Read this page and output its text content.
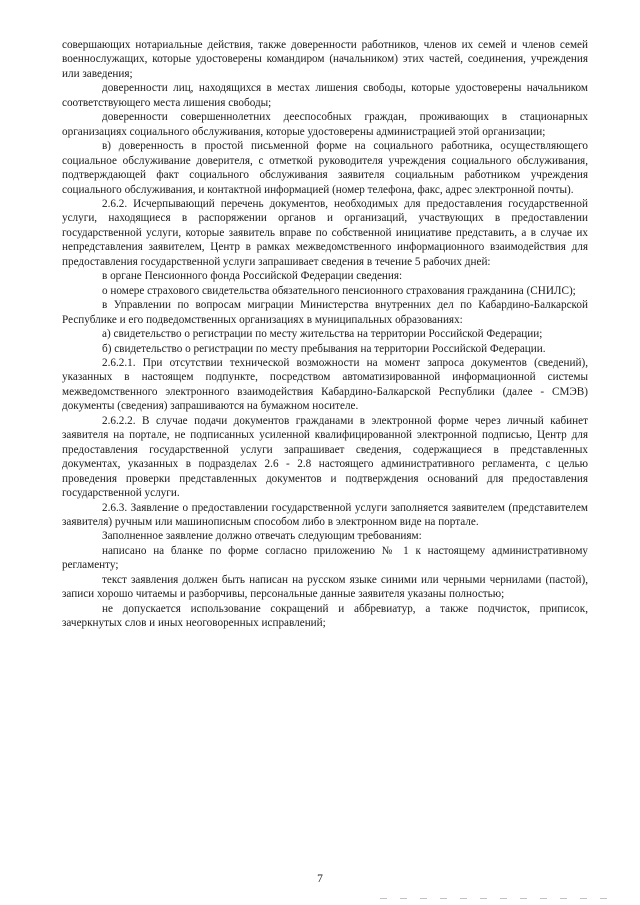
совершающих нотариальные действия, также доверенности работников, членов их семей и членов семей военнослужащих, которые удостоверены командиром (начальником) этих частей, соединения, учреждения или заведения;

доверенности лиц, находящихся в местах лишения свободы, которые удостоверены начальником соответствующего места лишения свободы;

доверенности совершеннолетних дееспособных граждан, проживающих в стационарных организациях социального обслуживания, которые удостоверены администрацией этой организации;

в) доверенность в простой письменной форме на социального работника, осуществляющего социальное обслуживание доверителя, с отметкой руководителя учреждения социального обслуживания, подтверждающей факт социального обслуживания заявителя социальным работником учреждения социального обслуживания, и контактной информацией (номер телефона, факс, адрес электронной почты).

2.6.2. Исчерпывающий перечень документов, необходимых для предоставления государственной услуги, находящиеся в распоряжении органов и организаций, участвующих в предоставлении государственной услуги, которые заявитель вправе по собственной инициативе представить, а в случае их непредставления заявителем, Центр в рамках межведомственного информационного взаимодействия для предоставления государственной услуги запрашивает сведения в течение 5 рабочих дней:

в органе Пенсионного фонда Российской Федерации сведения:

о номере страхового свидетельства обязательного пенсионного страхования гражданина (СНИЛС);

в Управлении по вопросам миграции Министерства внутренних дел по Кабардино-Балкарской Республике и его подведомственных организациях в муниципальных образованиях:

а) свидетельство о регистрации по месту жительства на территории Российской Федерации;

б) свидетельство о регистрации по месту пребывания на территории Российской Федерации.

2.6.2.1. При отсутствии технической возможности на момент запроса документов (сведений), указанных в настоящем подпункте, посредством автоматизированной информационной системы межведомственного электронного взаимодействия Кабардино-Балкарской Республики (далее - СМЭВ) документы (сведения) запрашиваются на бумажном носителе.

2.6.2.2. В случае подачи документов гражданами в электронной форме через личный кабинет заявителя на портале, не подписанных усиленной квалифицированной электронной подписью, Центр для предоставления государственной услуги запрашивает сведения, содержащиеся в представленных документах, указанных в подразделах 2.6 - 2.8 настоящего административного регламента, с целью проведения проверки представленных документов и подтверждения оснований для предоставления государственной услуги.

2.6.3. Заявление о предоставлении государственной услуги заполняется заявителем (представителем заявителя) ручным или машинописным способом либо в электронном виде на портале.

Заполненное заявление должно отвечать следующим требованиям:

написано на бланке по форме согласно приложению № 1 к настоящему административному регламенту;

текст заявления должен быть написан на русском языке синими или черными чернилами (пастой), записи хорошо читаемы и разборчивы, персональные данные заявителя указаны полностью;

не допускается использование сокращений и аббревиатур, а также подчисток, приписок, зачеркнутых слов и иных неоговоренных исправлений;

7
